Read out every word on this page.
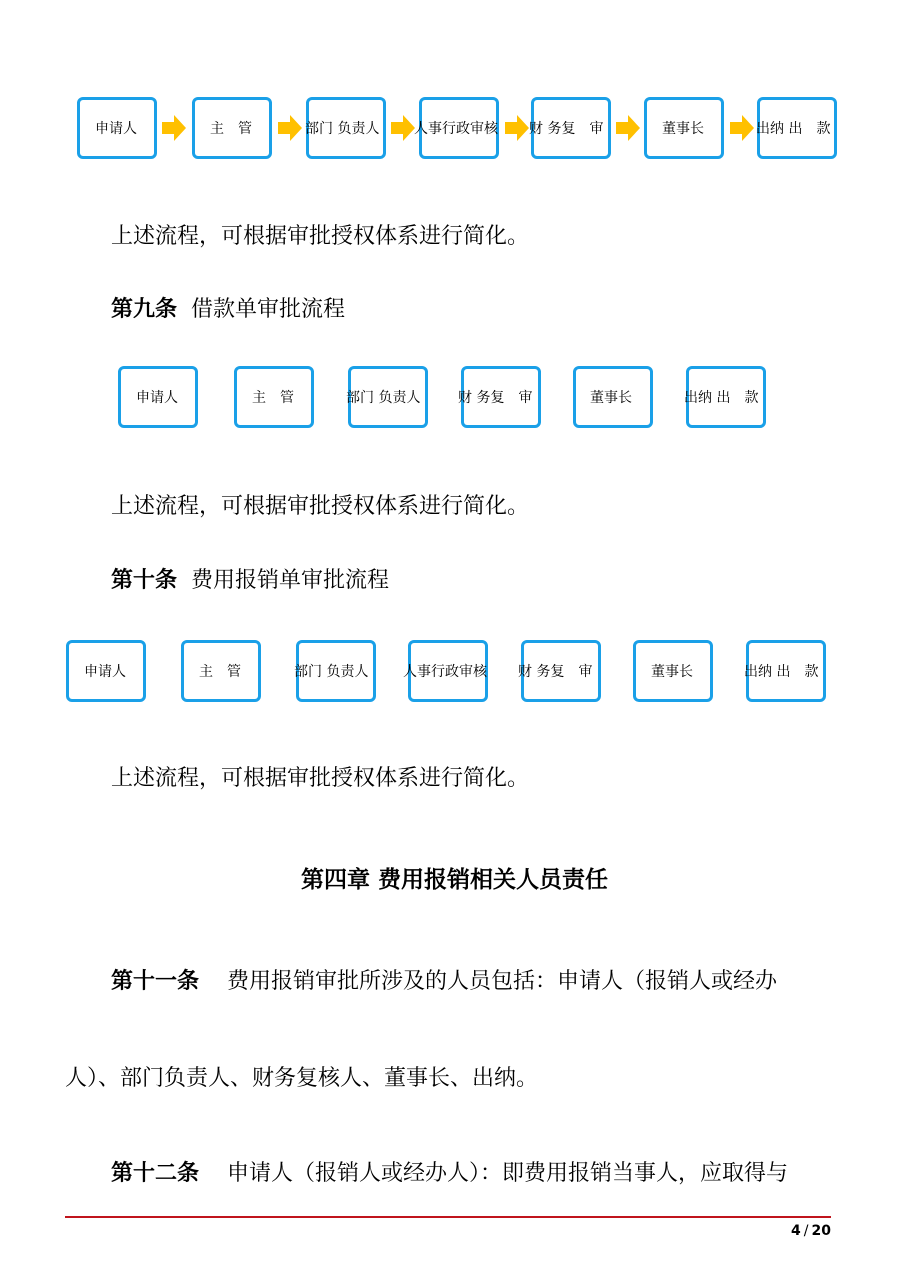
申请人	主　管	部门 负责人 人事行政审核 财 务复　审	董事长	出纳 出　款
上述流程，可根据审批授权体系进行简化。
第九条 借款单审批流程
申请人	主　管	部门 负责人	财 务复　审	董事长	出纳 出　款
上述流程，可根据审批授权体系进行简化。
第十条 费用报销单审批流程
申请人	主　管	部门 负责人 人事行政审核 财 务复　审	董事长	出纳 出　款
上述流程，可根据审批授权体系进行简化。
第四章 费用报销相关人员责任
第十一条 费用报销审批所涉及的人员包括：申请人（报销人或经办
人）、部门负责人、财务复核人、董事长、出纳。
第十二条 申请人（报销人或经办人）：即费用报销当事人，应取得与
4 / 20
